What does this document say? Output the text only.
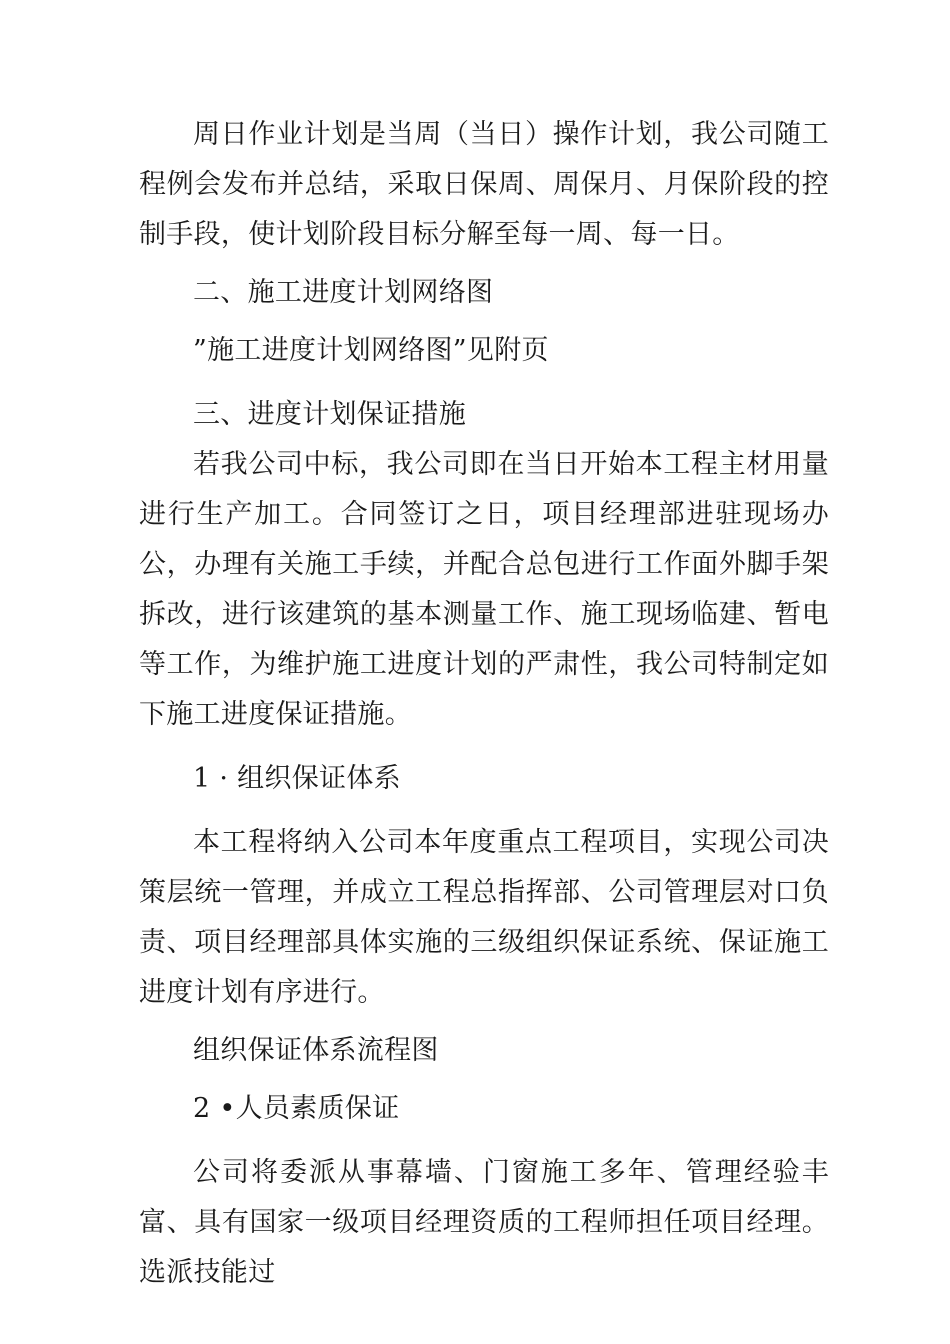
周日作业计划是当周（当日）操作计划，我公司随工程例会发布并总结，采取日保周、周保月、月保阶段的控制手段，使计划阶段目标分解至每一周、每一日。

二、施工进度计划网络图

”施工进度计划网络图”见附页

三、进度计划保证措施

若我公司中标，我公司即在当日开始本工程主材用量进行生产加工。合同签订之日，项目经理部进驻现场办公，办理有关施工手续，并配合总包进行工作面外脚手架拆改，进行该建筑的基本测量工作、施工现场临建、暂电等工作，为维护施工进度计划的严肃性，我公司特制定如下施工进度保证措施。

1 · 组织保证体系

本工程将纳入公司本年度重点工程项目，实现公司决策层统一管理，并成立工程总指挥部、公司管理层对口负责、项目经理部具体实施的三级组织保证系统、保证施工进度计划有序进行。

组织保证体系流程图

2 •人员素质保证

公司将委派从事幕墙、门窗施工多年、管理经验丰富、具有国家一级项目经理资质的工程师担任项目经理。选派技能过
